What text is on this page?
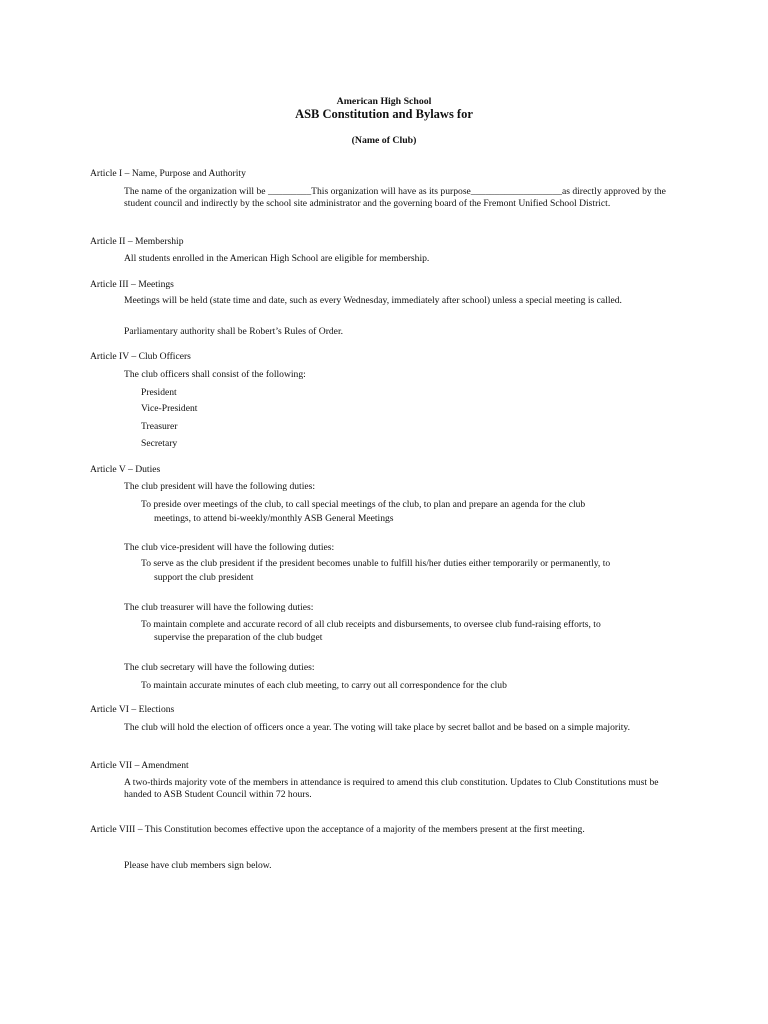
American High School
ASB Constitution and Bylaws for
(Name of Club)
Article I – Name, Purpose and Authority
The name of the organization will be _________This organization will have as its purpose___________________as directly approved by the student council and indirectly by the school site administrator and the governing board of the Fremont Unified School District.
Article II – Membership
All students enrolled in the American High School are eligible for membership.
Article III – Meetings
Meetings will be held (state time and date, such as every Wednesday, immediately after school) unless a special meeting is called.
Parliamentary authority shall be Robert’s Rules of Order.
Article IV – Club Officers
The club officers shall consist of the following:
President
Vice-President
Treasurer
Secretary
Article V – Duties
The club president will have the following duties:
To preside over meetings of the club, to call special meetings of the club, to plan and prepare an agenda for the club
meetings, to attend bi-weekly/monthly ASB General Meetings
The club vice-president will have the following duties:
To serve as the club president if the president becomes unable to fulfill his/her duties either temporarily or permanently, to
support the club president
The club treasurer will have the following duties:
To maintain complete and accurate record of all club receipts and disbursements, to oversee club fund-raising efforts, to
supervise the preparation of the club budget
The club secretary will have the following duties:
To maintain accurate minutes of each club meeting, to carry out all correspondence for the club
Article VI – Elections
The club will hold the election of officers once a year. The voting will take place by secret ballot and be based on a simple majority.
Article VII – Amendment
A two-thirds majority vote of the members in attendance is required to amend this club constitution. Updates to Club Constitutions must be handed to ASB Student Council within 72 hours.
Article VIII – This Constitution becomes effective upon the acceptance of a majority of the members present at the first meeting.
Please have club members sign below.
